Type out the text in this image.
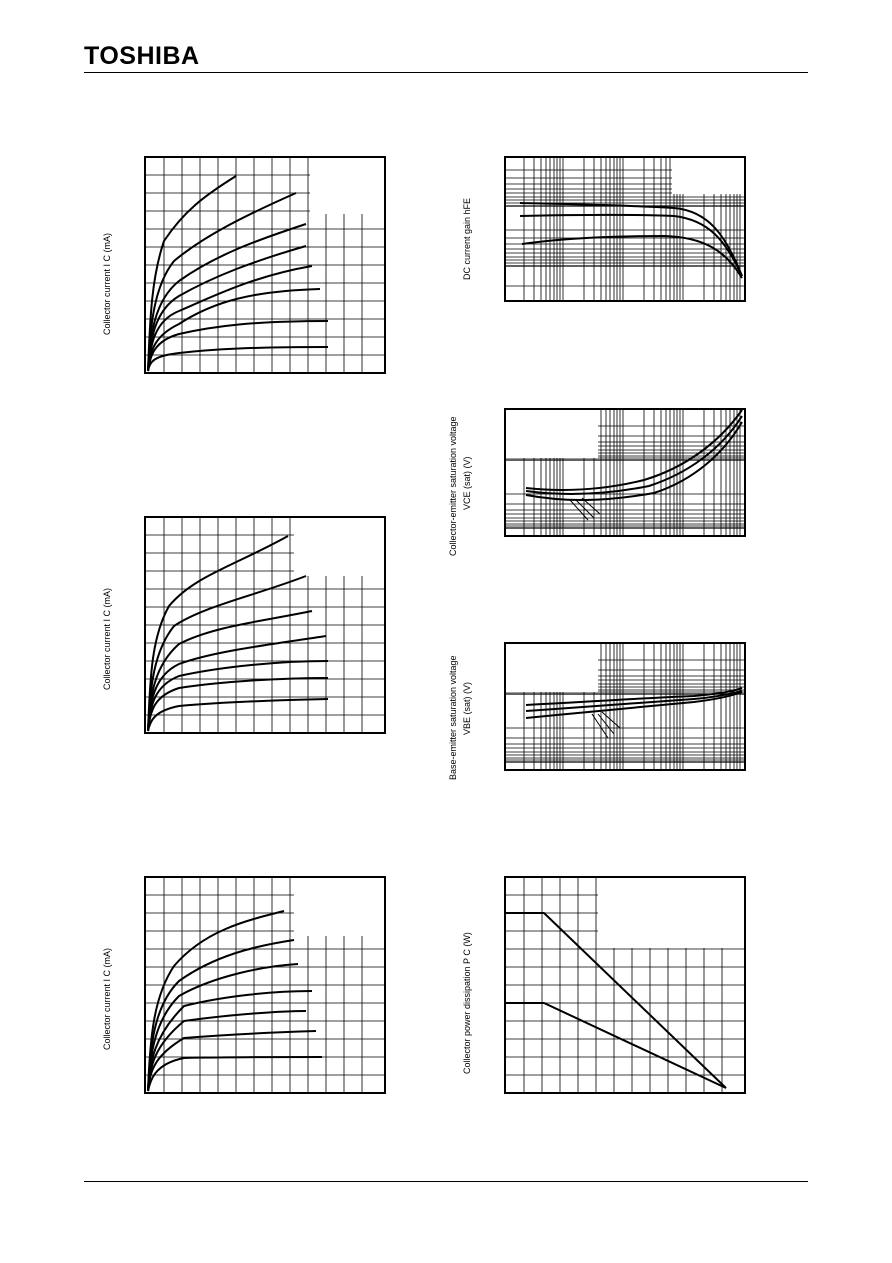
TOSHIBA
Collector current I C (mA)
Collector current I C (mA)
Collector current I C (mA)
DC current gain hFE
Collector-emitter saturation voltage VCE (sat) (V)
Base-emitter saturation voltage VBE (sat) (V)
Collector power dissipation P C (W)
